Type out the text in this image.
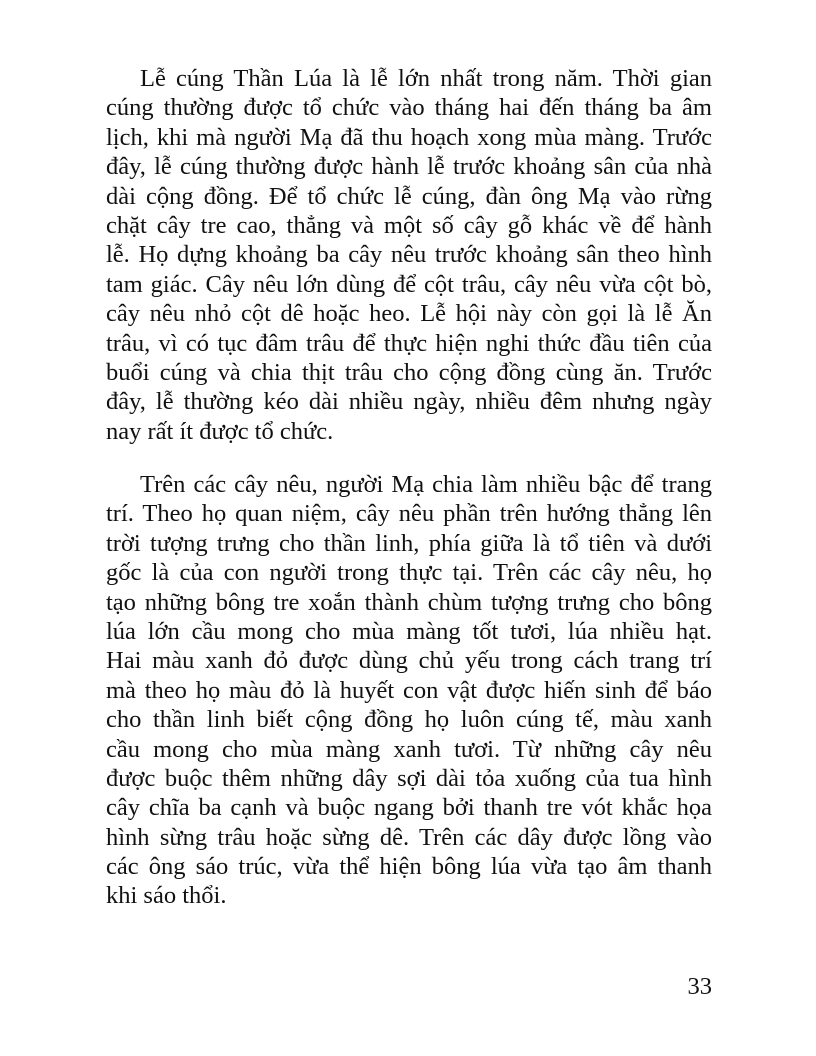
Lễ cúng Thần Lúa là lễ lớn nhất trong năm. Thời gian
cúng thường được tổ chức vào tháng hai đến tháng ba âm
lịch, khi mà người Mạ đã thu hoạch xong mùa màng. Trước
đây, lễ cúng thường được hành lễ trước khoảng sân của nhà
dài cộng đồng. Để tổ chức lễ cúng, đàn ông Mạ vào rừng
chặt cây tre cao, thẳng và một số cây gỗ khác về để hành
lễ. Họ dựng khoảng ba cây nêu trước khoảng sân theo hình
tam giác. Cây nêu lớn dùng để cột trâu, cây nêu vừa cột bò,
cây nêu nhỏ cột dê hoặc heo. Lễ hội này còn gọi là lễ Ăn
trâu, vì có tục đâm trâu để thực hiện nghi thức đầu tiên của
buổi cúng và chia thịt trâu cho cộng đồng cùng ăn. Trước
đây, lễ thường kéo dài nhiều ngày, nhiều đêm nhưng ngày
nay rất ít được tổ chức.
Trên các cây nêu, người Mạ chia làm nhiều bậc để trang
trí. Theo họ quan niệm, cây nêu phần trên hướng thẳng lên
trời tượng trưng cho thần linh, phía giữa là tổ tiên và dưới
gốc là của con người trong thực tại. Trên các cây nêu, họ
tạo những bông tre xoắn thành chùm tượng trưng cho bông
lúa lớn cầu mong cho mùa màng tốt tươi, lúa nhiều hạt.
Hai màu xanh đỏ được dùng chủ yếu trong cách trang trí
mà theo họ màu đỏ là huyết con vật được hiến sinh để báo
cho thần linh biết cộng đồng họ luôn cúng tế, màu xanh
cầu mong cho mùa màng xanh tươi. Từ những cây nêu
được buộc thêm những dây sợi dài tỏa xuống của tua hình
cây chĩa ba cạnh và buộc ngang bởi thanh tre vót khắc họa
hình sừng trâu hoặc sừng dê. Trên các dây được lồng vào
các ông sáo trúc, vừa thể hiện bông lúa vừa tạo âm thanh
khi sáo thổi.
33
